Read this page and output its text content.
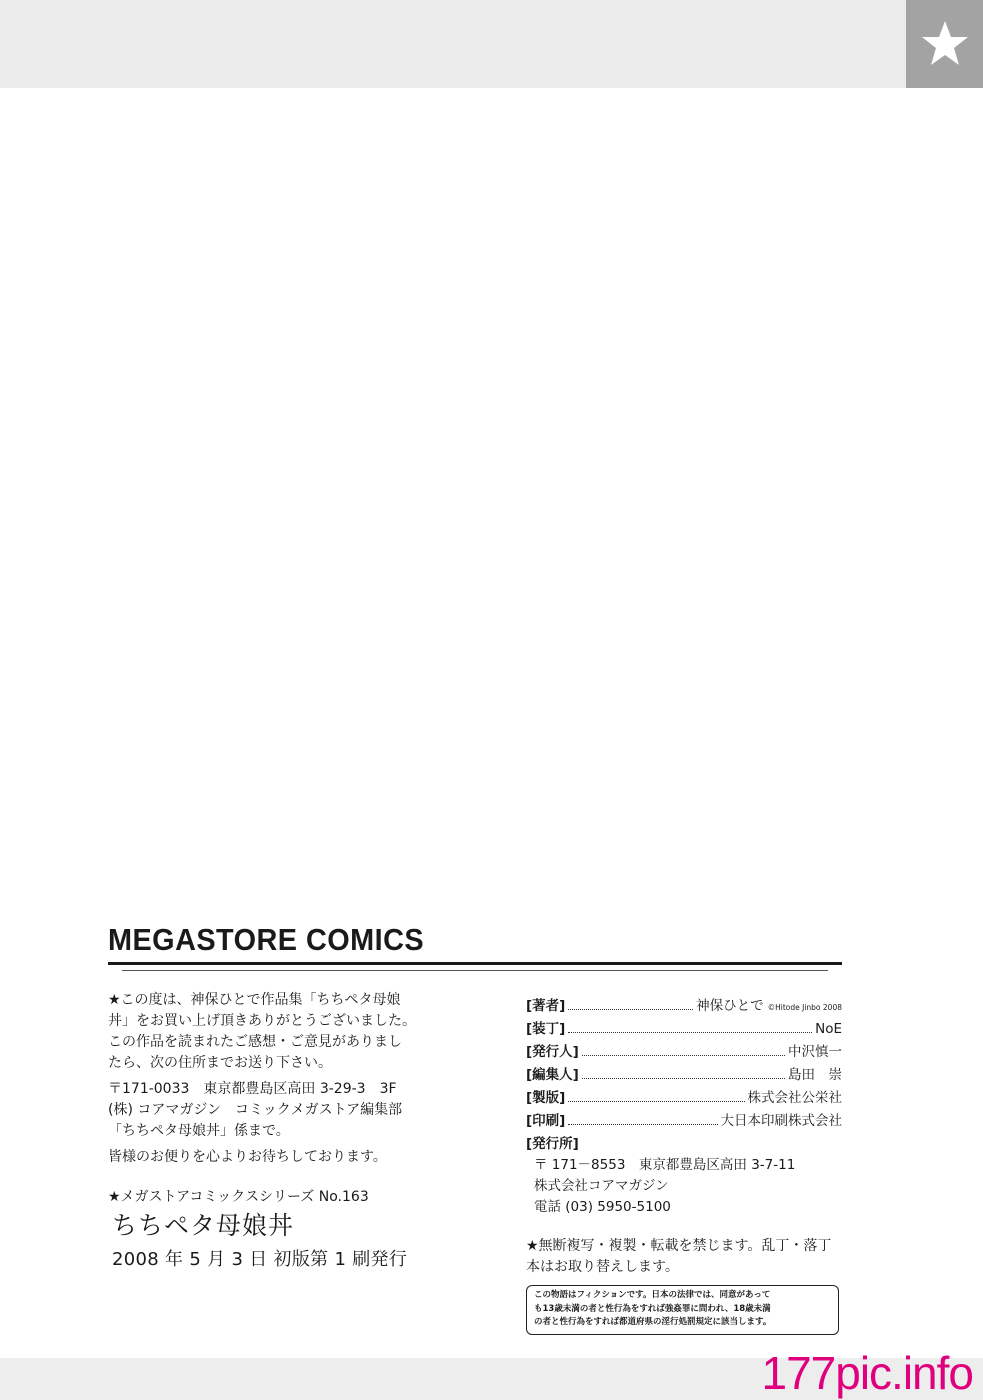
MEGASTORE COMICS

★この度は、神保ひとで作品集「ちちペタ母娘

丼」をお買い上げ頂きありがとうございました。

この作品を読まれたご感想・ご意見がありまし

たら、次の住所までお送り下さい。

〒171-0033　東京都豊島区高田 3-29-3　3F

(株) コアマガジン　コミックメガストア編集部

「ちちペタ母娘丼」係まで。

皆様のお便りを心よりお待ちしております。

★メガストアコミックスシリーズ No.163
ちちペタ母娘丼
2008 年 5 月 3 日 初版第 1 刷発行
[著者]	神保ひとで ©Hitode Jinbo 2008
[装丁]	NoE
[発行人]	中沢慎一
[編集人]	島田　崇
[製版]	株式会社公栄社
[印刷]	大日本印刷株式会社
[発行所]
〒 171－8553　東京都豊島区高田 3-7-11
株式会社コアマガジン
電話 (03) 5950-5100
★無断複写・複製・転載を禁じます。乱丁・落丁
本はお取り替えします。
この物語はフィクションです。日本の法律では、同意があって
も13歳未満の者と性行為をすれば強姦罪に問われ、18歳未満
の者と性行為をすれば都道府県の淫行処罰規定に該当します。
177pic.info
